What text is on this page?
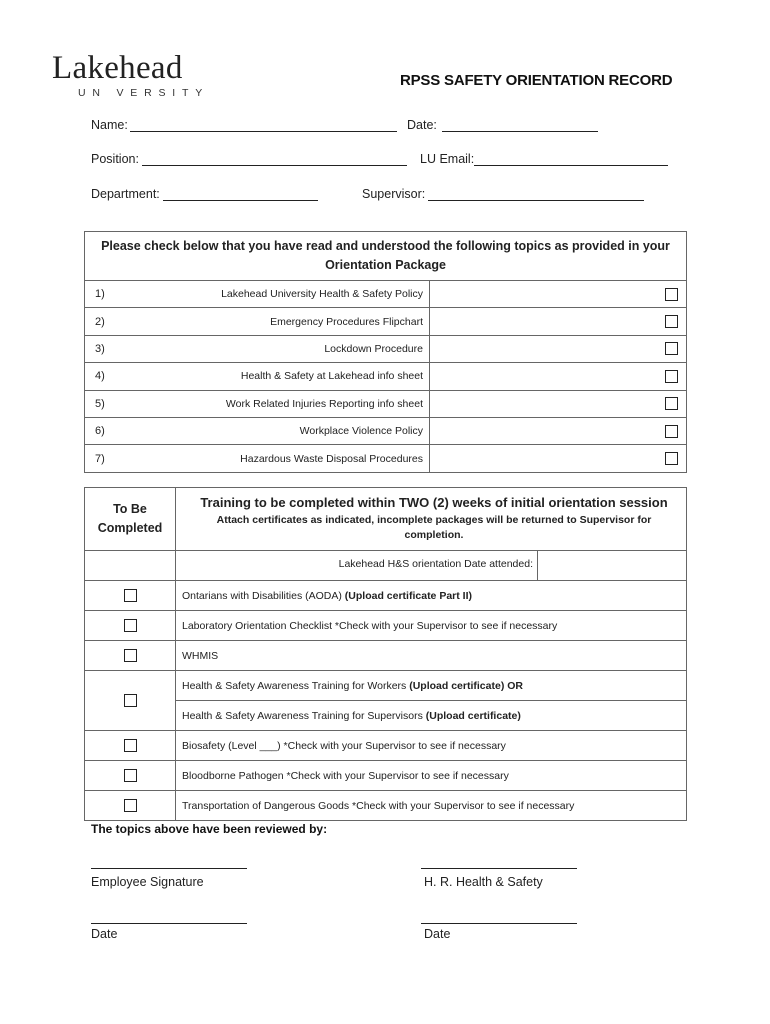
Lakehead
UN VERSITY
RPSS SAFETY ORIENTATION RECORD
Name:	Date:
Position:	LU Email:
Department:	Supervisor:
Please check below that you have read and understood the following topics as provided in your Orientation Package		
1)	Lakehead University Health & Safety Policy	
2)	Emergency Procedures Flipchart	
3)	Lockdown Procedure	
4)	Health & Safety at Lakehead info sheet	
5)	Work Related Injuries Reporting info sheet	
6)	Workplace Violence Policy	
7)	Hazardous Waste Disposal Procedures	
To Be Completed	Training to be completed within TWO (2) weeks of initial orientation session
Attach certificates as indicated, incomplete packages will be returned to Supervisor for completion.

	Lakehead H&S orientation Date attended:

	Ontarians with Disabilities (AODA) (Upload certificate Part II)
	Laboratory Orientation Checklist *Check with your Supervisor to see if necessary
	WHMIS
	Health & Safety Awareness Training for Workers (Upload certificate) OR
	Health & Safety Awareness Training for Supervisors (Upload certificate)
	Biosafety (Level ___) *Check with your Supervisor to see if necessary
	Bloodborne Pathogen *Check with your Supervisor to see if necessary
	Transportation of Dangerous Goods *Check with your Supervisor to see if necessary
The topics above have been reviewed by:
Employee Signature	H. R. Health & Safety
Date	Date
